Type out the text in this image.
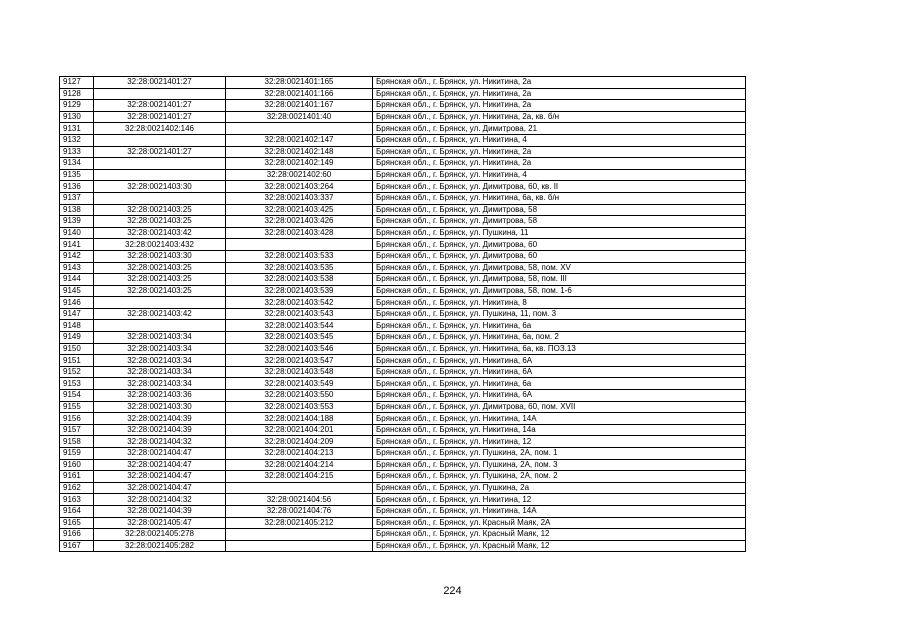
9127	32:28:0021401:27	32:28:0021401:165	Брянская обл., г. Брянск, ул. Никитина, 2а
9128		32:28:0021401:166	Брянская обл., г. Брянск, ул. Никитина, 2а
9129	32:28:0021401:27	32:28:0021401:167	Брянская обл., г. Брянск, ул. Никитина, 2а
9130	32:28:0021401:27	32:28:0021401:40	Брянская обл., г. Брянск, ул. Никитина, 2а, кв. б/н
9131	32:28:0021402:146		Брянская обл., г. Брянск, ул. Димитрова, 21
9132		32:28:0021402:147	Брянская обл., г. Брянск, ул. Никитина, 4
9133	32:28:0021401:27	32:28:0021402:148	Брянская обл., г. Брянск, ул. Никитина, 2а
9134		32:28:0021402:149	Брянская обл., г. Брянск, ул. Никитина, 2а
9135		32:28:0021402:60	Брянская обл., г. Брянск, ул. Никитина, 4
9136	32:28:0021403:30	32:28:0021403:264	Брянская обл., г. Брянск, ул. Димитрова, 60, кв. II
9137		32:28:0021403:337	Брянская обл., г. Брянск, ул. Никитина, 6а, кв. б/н
9138	32:28:0021403:25	32:28:0021403:425	Брянская обл., г. Брянск, ул. Димитрова, 58
9139	32:28:0021403:25	32:28:0021403:426	Брянская обл., г. Брянск, ул. Димитрова, 58
9140	32:28:0021403:42	32:28:0021403:428	Брянская обл., г. Брянск, ул. Пушкина, 11
9141	32:28:0021403:432		Брянская обл., г. Брянск, ул. Димитрова, 60
9142	32:28:0021403:30	32:28:0021403:533	Брянская обл., г. Брянск, ул. Димитрова, 60
9143	32:28:0021403:25	32:28:0021403:535	Брянская обл., г. Брянск, ул. Димитрова, 58, пом. XV
9144	32:28:0021403:25	32:28:0021403:538	Брянская обл., г. Брянск, ул. Димитрова, 58, пом. III
9145	32:28:0021403:25	32:28:0021403:539	Брянская обл., г. Брянск, ул. Димитрова, 58, пом. 1-6
9146		32:28:0021403:542	Брянская обл., г. Брянск, ул. Никитина, 8
9147	32:28:0021403:42	32:28:0021403:543	Брянская обл., г. Брянск, ул. Пушкина, 11, пом. 3
9148		32:28:0021403:544	Брянская обл., г. Брянск, ул. Никитина, 6а
9149	32:28:0021403:34	32:28:0021403:545	Брянская обл., г. Брянск, ул. Никитина, 6а, пом. 2
9150	32:28:0021403:34	32:28:0021403:546	Брянская обл., г. Брянск, ул. Никитина, 6а, кв. ПОЗ.13
9151	32:28:0021403:34	32:28:0021403:547	Брянская обл., г. Брянск, ул. Никитина, 6А
9152	32:28:0021403:34	32:28:0021403:548	Брянская обл., г. Брянск, ул. Никитина, 6А
9153	32:28:0021403:34	32:28:0021403:549	Брянская обл., г. Брянск, ул. Никитина, 6а
9154	32:28:0021403:36	32:28:0021403:550	Брянская обл., г. Брянск, ул. Никитина, 6А
9155	32:28:0021403:30	32:28:0021403:553	Брянская обл., г. Брянск, ул. Димитрова, 60, пом. XVII
9156	32:28:0021404:39	32:28:0021404:188	Брянская обл., г. Брянск, ул. Никитина, 14А
9157	32:28:0021404:39	32:28:0021404:201	Брянская обл., г. Брянск, ул. Никитина, 14а
9158	32:28:0021404:32	32:28:0021404:209	Брянская обл., г. Брянск, ул. Никитина, 12
9159	32:28:0021404:47	32:28:0021404:213	Брянская обл., г. Брянск, ул. Пушкина, 2А, пом. 1
9160	32:28:0021404:47	32:28:0021404:214	Брянская обл., г. Брянск, ул. Пушкина, 2А, пом. 3
9161	32:28:0021404:47	32:28:0021404:215	Брянская обл., г. Брянск, ул. Пушкина, 2А, пом. 2
9162	32:28:0021404:47		Брянская обл., г. Брянск, ул. Пушкина, 2а
9163	32:28:0021404:32	32:28:0021404:56	Брянская обл., г. Брянск, ул. Никитина, 12
9164	32:28:0021404:39	32:28:0021404:76	Брянская обл., г. Брянск, ул. Никитина, 14А
9165	32:28:0021405:47	32:28:0021405:212	Брянская обл., г. Брянск, ул. Красный Маяк, 2А
9166	32:28:0021405:278		Брянская обл., г. Брянск, ул. Красный Маяк, 12
9167	32:28:0021405:282		Брянская обл., г. Брянск, ул. Красный Маяк, 12
224
